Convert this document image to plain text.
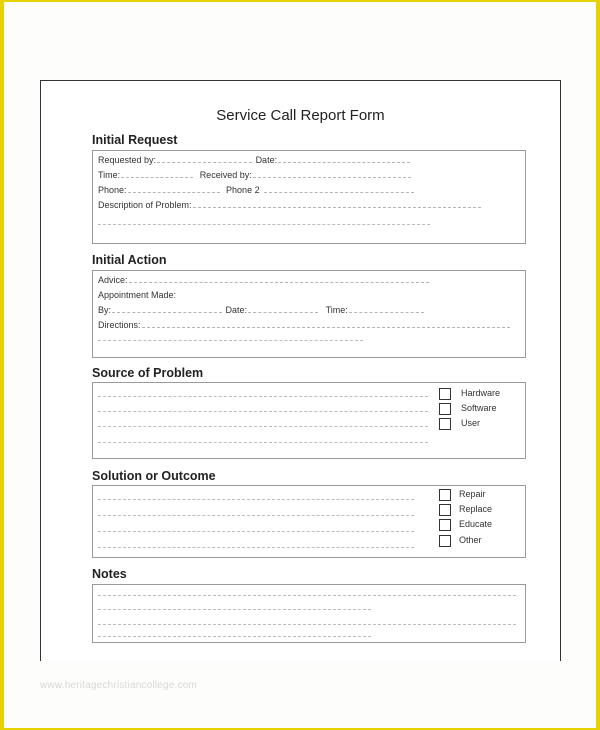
Service Call Report Form
Initial Request
Requested by:	Date:
Time:	Received by:
Phone:	Phone 2
Description of Problem:
Initial Action
Advice:
Appointment Made:
By:	Date:	Time:
Directions:
Source of Problem
Hardware
Software
User
Solution or Outcome
Repair
Replace
Educate
Other
Notes
www.heritagechristiancollege.com
